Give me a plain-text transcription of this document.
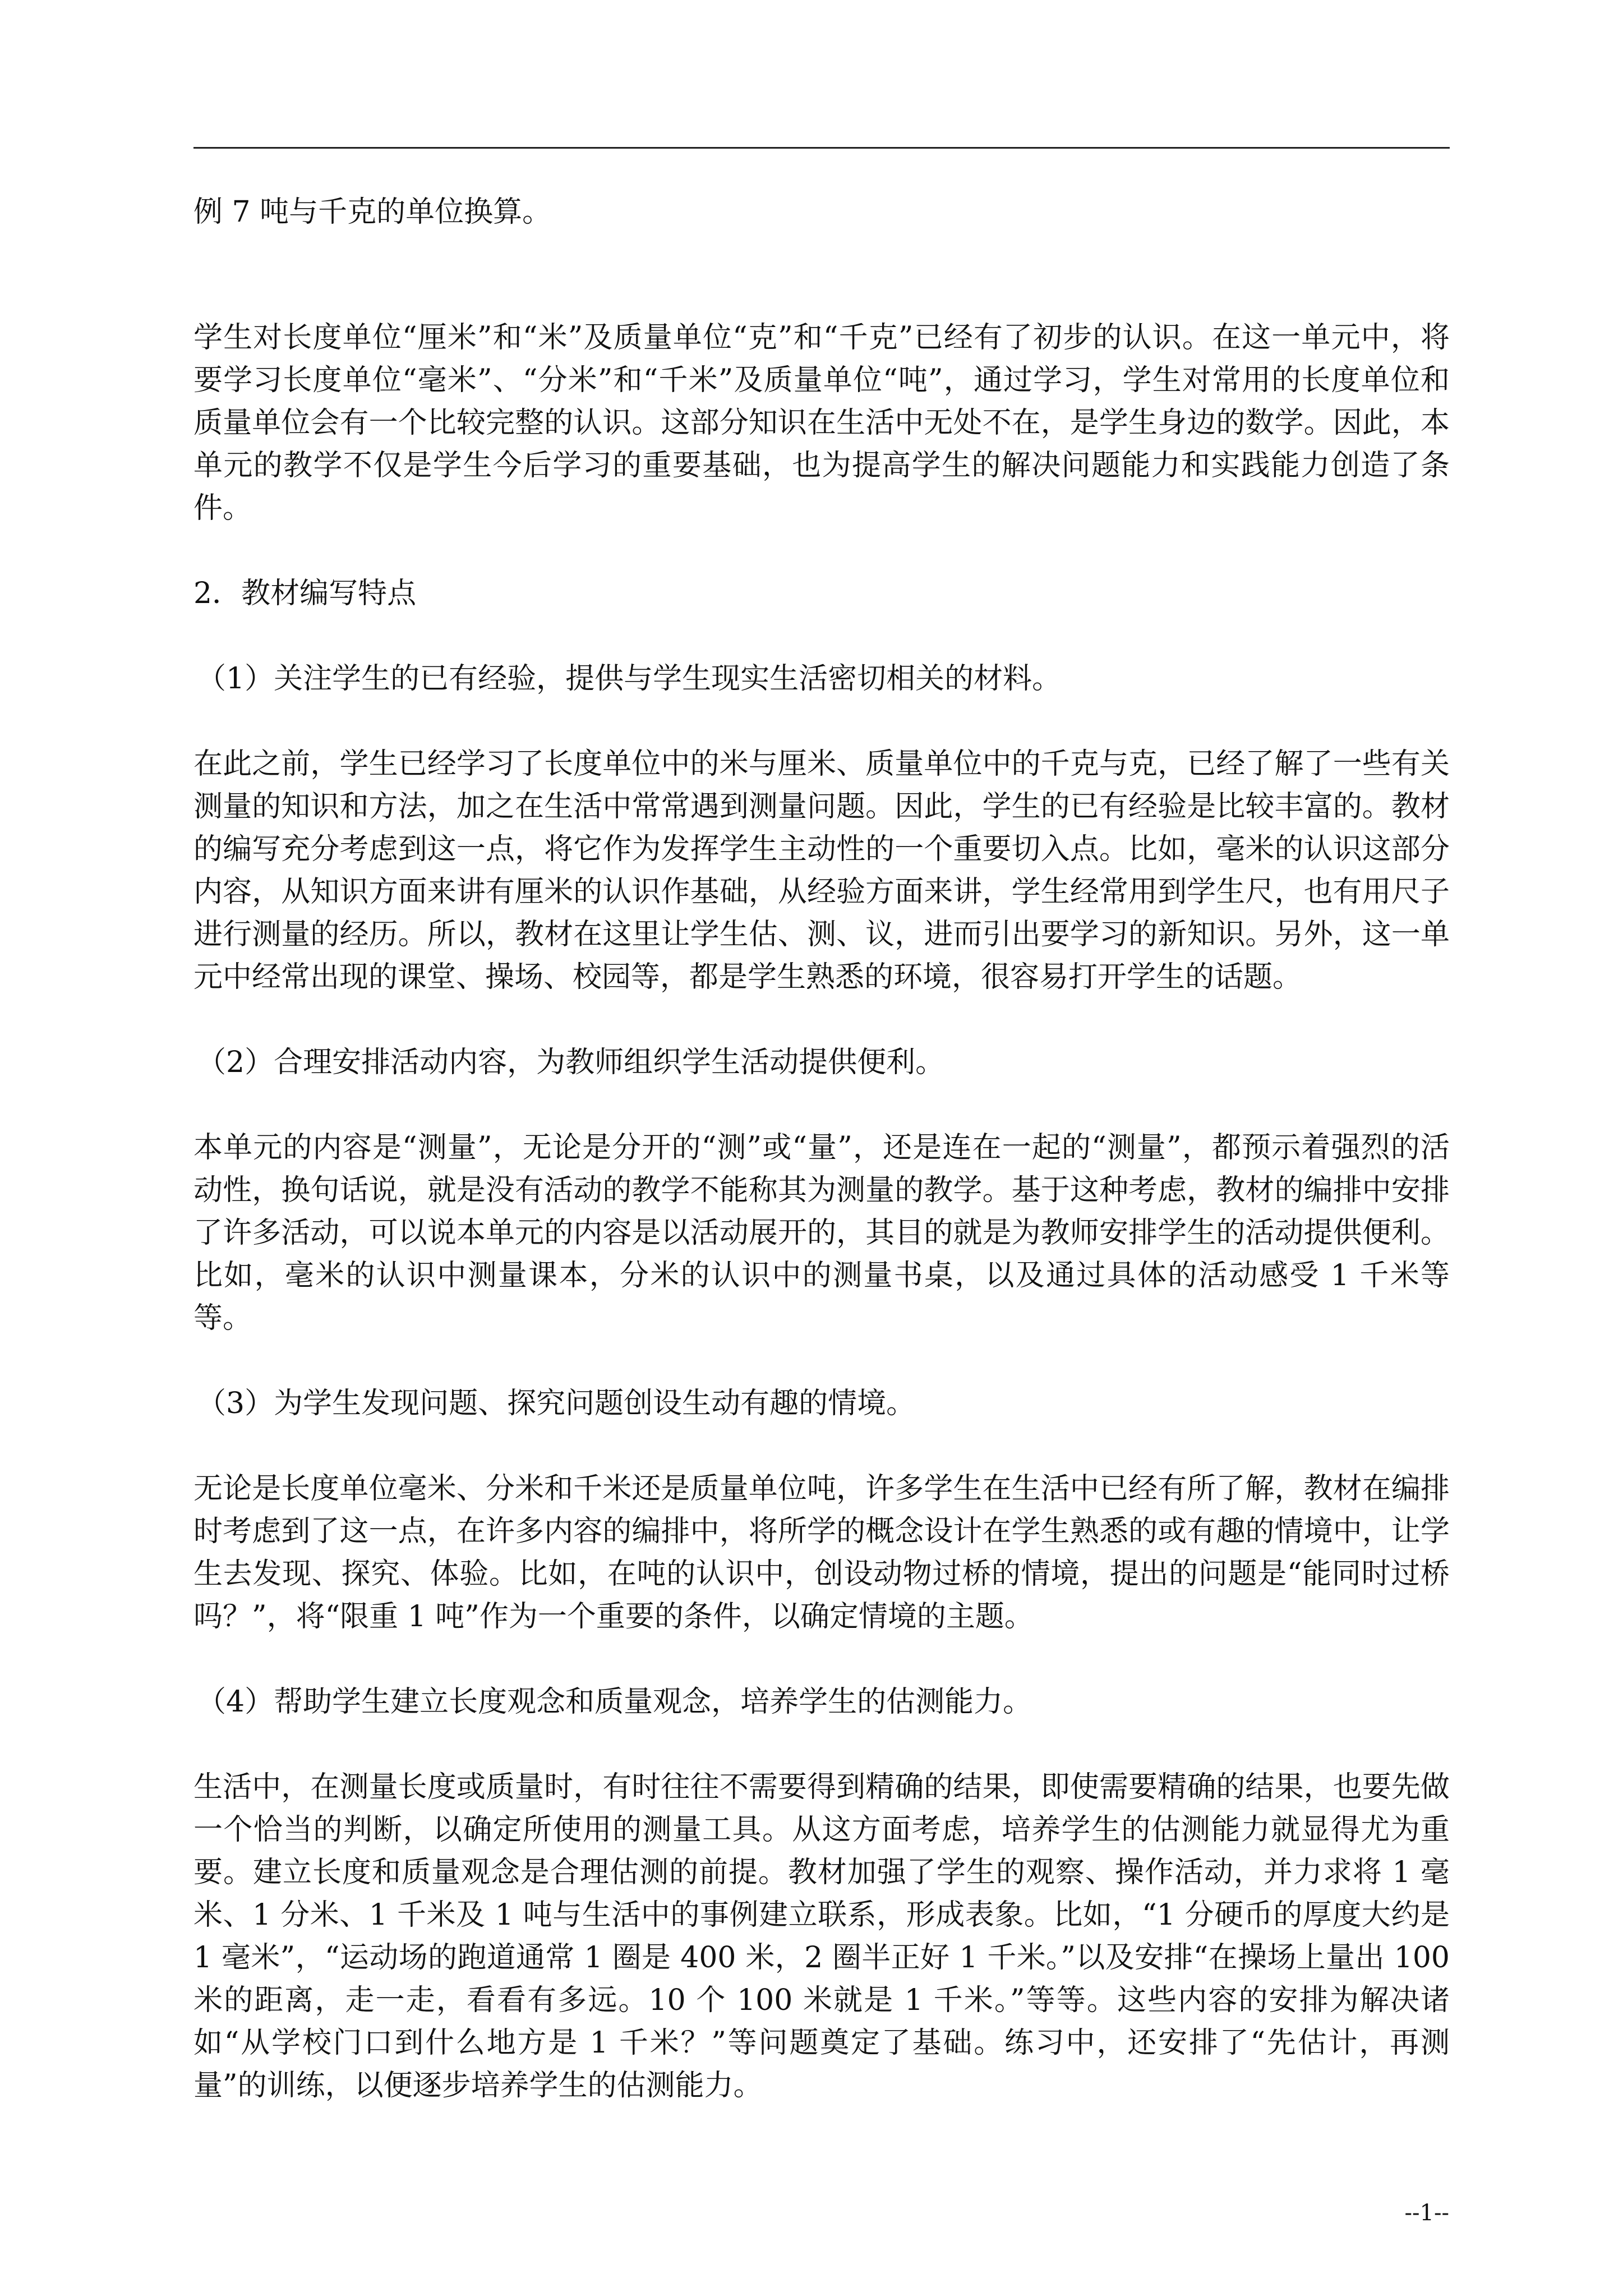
例 7 吨与千克的单位换算。

学生对长度单位“厘米”和“米”及质量单位“克”和“千克”已经有了初步的认识。在这一单元中，将要学习长度单位“毫米”、“分米”和“千米”及质量单位“吨”，通过学习，学生对常用的长度单位和质量单位会有一个比较完整的认识。这部分知识在生活中无处不在，是学生身边的数学。因此，本单元的教学不仅是学生今后学习的重要基础，也为提高学生的解决问题能力和实践能力创造了条件。

2．教材编写特点

（1）关注学生的已有经验，提供与学生现实生活密切相关的材料。

在此之前，学生已经学习了长度单位中的米与厘米、质量单位中的千克与克，已经了解了一些有关测量的知识和方法，加之在生活中常常遇到测量问题。因此，学生的已有经验是比较丰富的。教材的编写充分考虑到这一点，将它作为发挥学生主动性的一个重要切入点。比如，毫米的认识这部分内容，从知识方面来讲有厘米的认识作基础，从经验方面来讲，学生经常用到学生尺，也有用尺子进行测量的经历。所以，教材在这里让学生估、测、议，进而引出要学习的新知识。另外，这一单元中经常出现的课堂、操场、校园等，都是学生熟悉的环境，很容易打开学生的话题。

（2）合理安排活动内容，为教师组织学生活动提供便利。

本单元的内容是“测量”，无论是分开的“测”或“量”，还是连在一起的“测量”，都预示着强烈的活动性，换句话说，就是没有活动的教学不能称其为测量的教学。基于这种考虑，教材的编排中安排了许多活动，可以说本单元的内容是以活动展开的，其目的就是为教师安排学生的活动提供便利。比如，毫米的认识中测量课本，分米的认识中的测量书桌，以及通过具体的活动感受 1 千米等等。

（3）为学生发现问题、探究问题创设生动有趣的情境。

无论是长度单位毫米、分米和千米还是质量单位吨，许多学生在生活中已经有所了解，教材在编排时考虑到了这一点，在许多内容的编排中，将所学的概念设计在学生熟悉的或有趣的情境中，让学生去发现、探究、体验。比如，在吨的认识中，创设动物过桥的情境，提出的问题是“能同时过桥吗？”，将“限重 1 吨”作为一个重要的条件，以确定情境的主题。

（4）帮助学生建立长度观念和质量观念，培养学生的估测能力。

生活中，在测量长度或质量时，有时往往不需要得到精确的结果，即使需要精确的结果，也要先做一个恰当的判断，以确定所使用的测量工具。从这方面考虑，培养学生的估测能力就显得尤为重要。建立长度和质量观念是合理估测的前提。教材加强了学生的观察、操作活动，并力求将 1 毫米、1 分米、1 千米及 1 吨与生活中的事例建立联系，形成表象。比如，“1 分硬币的厚度大约是 1 毫米”，“运动场的跑道通常 1 圈是 400 米，2 圈半正好 1 千米。”以及安排“在操场上量出 100 米的距离，走一走，看看有多远。10 个 100 米就是 1 千米。”等等。这些内容的安排为解决诸如“从学校门口到什么地方是 1 千米？”等问题奠定了基础。练习中，还安排了“先估计，再测量”的训练，以便逐步培养学生的估测能力。

--1--
